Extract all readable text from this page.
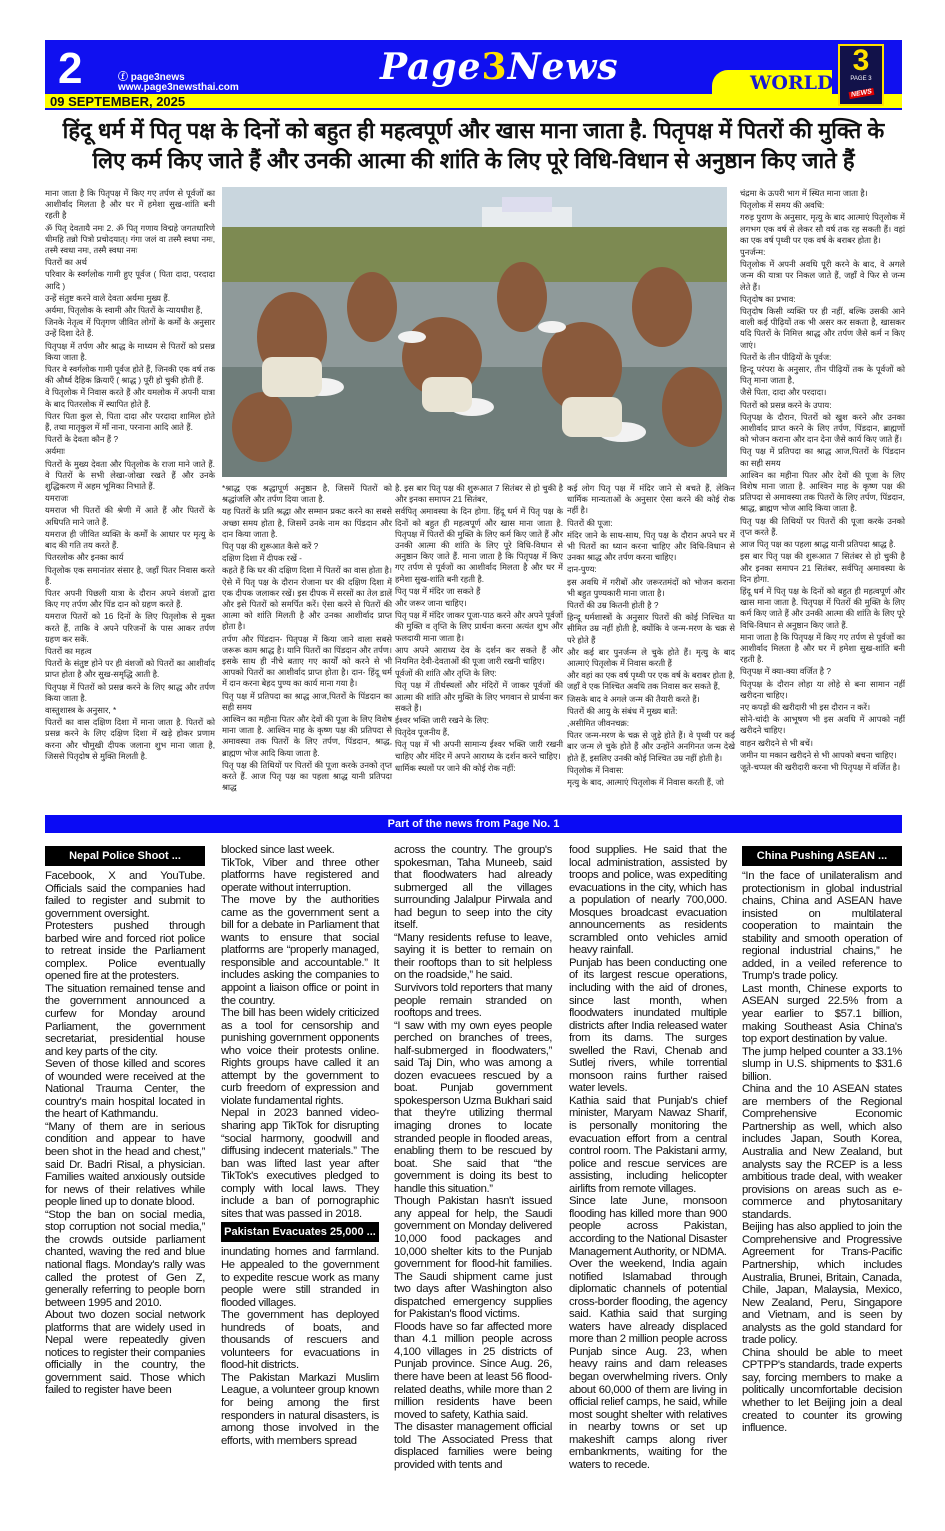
2	ⓕ page3news
www.page3newsthai.com
09 SEPTEMBER, 2025
Page3News	WORLD
3
PAGE 3
NEWS
हिंदू धर्म में पितृ पक्ष के दिनों को बहुत ही महत्वपूर्ण और खास माना जाता है. पितृपक्ष में पितरों की मुक्ति के लिए कर्म किए जाते हैं और उनकी आत्मा की शांति के लिए पूरे विधि-विधान से अनुष्ठान किए जाते हैं

माना जाता है कि पितृपक्ष में किए गए तर्पण से पूर्वजों का आशीर्वाद मिलता है और घर में हमेशा सुख-शांति बनी रहती है

ॐ पितृ देवतायै नमः 2. ॐ पितृ गणाय विद्महे जगतधारिणे धीमहि तन्नो पित्रो प्रचोदयात्। गंगा जलं वा तस्मै स्वधा नमः, तस्मै स्वधा नमः, तस्मै स्वधा नमः

पितरों का अर्थ

परिवार के स्वर्गलोक गामी हुए पूर्वज ( पिता दादा, परदादा आदि )

उन्हें संतुष्ट करने वाले देवता अर्यमा मुख्य हैं.

अर्यमा, पितृलोक के स्वामी और पितरों के न्यायधीश हैं,

जिनके नेतृत्व में पितृगण जीवित लोगों के कर्मों के अनुसार उन्हें दिशा देते हैं.

पितृपक्ष में तर्पण और श्राद्ध के माध्यम से पितरों को प्रसन्न किया जाता है.

पितर वे स्वर्गलोक गामी पूर्वज होते हैं, जिनकी एक वर्ष तक की और्ध्व दैहिक क्रियाएँ ( श्राद्ध ) पूरी हो चुकी होती हैं.

वे पितृलोक में निवास करते हैं और यमलोक में अपनी यात्रा के बाद पितरलोक में स्थापित होते हैं.

पितर पिता कुल से, पिता दादा और परदादा शामिल होते हैं, तथा मातृकुल में माँ नाना, परनाना आदि आते हैं.

पितरों के देवता कौन हैं ?

अर्यमाः

पितरों के मुख्य देवता और पितृलोक के राजा माने जाते हैं. वे पितरों के सभी लेखा-जोखा रखते हैं और उनके शुद्धिकरण में अहम भूमिका निभाते हैं.

यमराजः

यमराज भी पितरों की श्रेणी में आते हैं और पितरों के अधिपति माने जाते हैं.

यमराज ही जीवित व्यक्ति के कर्मों के आधार पर मृत्यु के बाद की गति तय करते हैं.

पितरलोक और इनका कार्य

पितृलोक एक समानांतर संसार है, जहाँ पितर निवास करते हैं.

पितर अपनी पिछली यात्रा के दौरान अपने वंशजों द्वारा किए गए तर्पण और पिंड दान को ग्रहण करते हैं.

यमराज पितरों को 16 दिनों के लिए पितृलोक से मुक्त करते हैं, ताकि वे अपने परिजनों के पास आकर तर्पण ग्रहण कर सकें.

पितरों का महत्व

पितरों के संतुष्ट होने पर ही वंशजों को पितरों का आशीर्वाद प्राप्त होता है और सुख-समृद्धि आती है.

पितृपक्ष में पितरों को प्रसन्न करने के लिए श्राद्ध और तर्पण किया जाता है.

वास्तुशास्त्र के अनुसार, *

पितरों का वास दक्षिण दिशा में माना जाता है. पितरों को प्रसन्न करने के लिए दक्षिण दिशा में खड़े होकर प्रणाम करना और चौमुखी दीपक जलाना शुभ माना जाता है, जिससे पितृदोष से मुक्ति मिलती है.

*श्राद्ध एक श्रद्धापूर्ण अनुष्ठान है, जिसमें पितरों को श्रद्धांजलि और तर्पण दिया जाता है.

यह पितरों के प्रति श्रद्धा और सम्मान प्रकट करने का सबसे अच्छा समय होता है, जिसमें उनके नाम का पिंडदान और दान किया जाता है.

पितृ पक्ष की शुरूआत कैसे करें ?

दक्षिण दिशा में दीपक रखें -

कहते हैं कि घर की दक्षिण दिशा में पितरों का वास होता है। ऐसे में पितृ पक्ष के दौरान रोजाना घर की दक्षिण दिशा में एक दीपक जलाकर रखें। इस दीपक में सरसों का तेल डालें और इसे पितरों को समर्पित करें। ऐसा करने से पितरों की आत्मा को शांति मिलती है और उनका आशीर्वाद प्राप्त होता है।

तर्पण और पिंडदान- पितृपक्ष में किया जाने वाला सबसे जरूरू काम श्राद्ध है। यानि पितरों का पिंडदान और तर्पण। इसके साथ ही नीचे बताए गए कार्यों को करने से भी आपको पितरों का आशीर्वाद प्राप्त होता है। दान- हिंदू धर्म में दान करना बेहद पुण्य का कार्य माना गया है।

पितृ पक्ष में प्रतिपदा का श्राद्ध आज,पितरों के पिंडदान का सही समय

आश्विन का महीना पितर और देवों की पूजा के लिए विशेष माना जाता है. आश्विन माह के कृष्ण पक्ष की प्रतिपदा से अमावस्या तक पितरों के लिए तर्पण, पिंडदान, श्राद्ध, ब्राह्मण भोज आदि किया जाता है.

पितृ पक्ष की तिथियों पर पितरों की पूजा करके उनको तृप्त करते हैं. आज पितृ पक्ष का पहला श्राद्ध यानी प्रतिपदा श्राद्ध

है. इस बार पितृ पक्ष की शुरूआत 7 सितंबर से हो चुकी है और इनका समापन 21 सितंबर,

सर्वपितृ अमावस्या के दिन होगा. हिंदू धर्म में पितृ पक्ष के दिनों को बहुत ही महत्वपूर्ण और खास माना जाता है. पितृपक्ष में पितरों की मुक्ति के लिए कर्म किए जाते हैं और उनकी आत्मा की शांति के लिए पूरे विधि-विधान से अनुष्ठान किए जाते हैं. माना जाता है कि पितृपक्ष में किए गए तर्पण से पूर्वजों का आशीर्वाद मिलता है और घर में हमेशा सुख-शांति बनी रहती है.

पितृ पक्ष में मंदिर जा सकते हैं

और जरूर जाना चाहिए।

पितृ पक्ष में मंदिर जाकर पूजा-पाठ करने और अपने पूर्वजों की मुक्ति व तृप्ति के लिए प्रार्थना करना अत्यंत शुभ और फलदायी माना जाता है।

आप अपने आराध्य देव के दर्शन कर सकते हैं और नियमित देवी-देवताओं की पूजा जारी रखनी चाहिए।

पूर्वजों की शांति और तृप्ति के लिए:

पितृ पक्ष में तीर्थस्थलों और मंदिरों में जाकर पूर्वजों की आत्मा की शांति और मुक्ति के लिए भगवान से प्रार्थना कर सकते हैं।

ईश्वर भक्ति जारी रखने के लिए:

पितृदेव पूजनीय हैं,

पितृ पक्ष में भी अपनी सामान्य ईश्वर भक्ति जारी रखनी चाहिए और मंदिर में अपने आराध्य के दर्शन करने चाहिए।

धार्मिक स्थलों पर जाने की कोई रोक नहीं:

कई लोग पितृ पक्ष में मंदिर जाने से बचते हैं, लेकिन धार्मिक मान्यताओं के अनुसार ऐसा करने की कोई रोक नहीं है।

पितरों की पूजा:

मंदिर जाने के साथ-साथ, पितृ पक्ष के दौरान अपने घर में भी पितरों का ध्यान करना चाहिए और विधि-विधान से उनका श्राद्ध और तर्पण करना चाहिए।

दान-पुण्य:

इस अवधि में गरीबों और जरूरतमंदों को भोजन कराना भी बहुत पुण्यकारी माना जाता है।

पितरों की उम्र कितनी होती है ?

हिन्दू धर्मशास्त्रों के अनुसार पितरों की कोई निश्चित या सीमित उम्र नहीं होती है, क्योंकि वे जन्म-मरण के चक्र से परे होते हैं

और कई बार पुनर्जन्म ले चुके होते हैं। मृत्यु के बाद आत्माएं पितृलोक में निवास करती हैं

और वहां का एक वर्ष पृथ्वी पर एक वर्ष के बराबर होता है, जहाँ वे एक निश्चित अवधि तक निवास कर सकते हैं,

जिसके बाद वे अगले जन्म की तैयारी करते हैं।

पितरों की आयु के संबंध में मुख्य बातें:

,असीमित जीवनचक्र:

पितर जन्म-मरण के चक्र से जुड़े होते हैं। वे पृथ्वी पर कई बार जन्म ले चुके होते हैं और उन्होंने अनगिनत जन्म देखे होते हैं, इसलिए उनकी कोई निश्चित उम्र नहीं होती है।

पितृलोक में निवास:

मृत्यु के बाद, आत्माएं पितृलोक में निवास करती हैं, जो

चंद्रमा के ऊपरी भाग में स्थित माना जाता है।

पितृलोक में समय की अवधि:

गरुड़ पुराण के अनुसार, मृत्यु के बाद आत्माएं पितृलोक में लगभग एक वर्ष से लेकर सौ वर्ष तक रह सकती हैं। वहां का एक वर्ष पृथ्वी पर एक वर्ष के बराबर होता है।

पुनर्जन्म:

पितृलोक में अपनी अवधि पूरी करने के बाद, वे अगले जन्म की यात्रा पर निकल जाते हैं, जहाँ वे फिर से जन्म लेते हैं।

पितृदोष का प्रभाव:

पितृदोष किसी व्यक्ति पर ही नहीं, बल्कि उसकी आने वाली कई पीढ़ियों तक भी असर कर सकता है, खासकर यदि पितरों के निमित्त श्राद्ध और तर्पण जैसे कर्म न किए जाएं।

पितरों के तीन पीढ़ियों के पूर्वज:

हिन्दू परंपरा के अनुसार, तीन पीढ़ियों तक के पूर्वजों को पितृ माना जाता है,

जैसे पिता, दादा और परदादा।

पितरों को प्रसन्न करने के उपाय:

पितृपक्ष के दौरान, पितरों को खुश करने और उनका आशीर्वाद प्राप्त करने के लिए तर्पण, पिंडदान, ब्राह्मणों को भोजन कराना और दान देना जैसे कार्य किए जाते हैं।

पितृ पक्ष में प्रतिपदा का श्राद्ध आज,पितरों के पिंडदान का सही समय

आश्विन का महीना पितर और देवों की पूजा के लिए विशेष माना जाता है. आश्विन माह के कृष्ण पक्ष की प्रतिपदा से अमावस्या तक पितरों के लिए तर्पण, पिंडदान, श्राद्ध, ब्राह्मण भोज आदि किया जाता है.

पितृ पक्ष की तिथियों पर पितरों की पूजा करके उनको तृप्त करते हैं.

आज पितृ पक्ष का पहला श्राद्ध यानी प्रतिपदा श्राद्ध है.

इस बार पितृ पक्ष की शुरूआत 7 सितंबर से हो चुकी है और इनका समापन 21 सितंबर, सर्वपितृ अमावस्या के दिन होगा.

हिंदू धर्म में पितृ पक्ष के दिनों को बहुत ही महत्वपूर्ण और खास माना जाता है. पितृपक्ष में पितरों की मुक्ति के लिए कर्म किए जाते हैं और उनकी आत्मा की शांति के लिए पूरे विधि-विधान से अनुष्ठान किए जाते हैं.

माना जाता है कि पितृपक्ष में किए गए तर्पण से पूर्वजों का आशीर्वाद मिलता है और घर में हमेशा सुख-शांति बनी रहती है.

पितृपक्ष में क्या-क्या वर्जित है ?

पितृपक्ष के दौरान लोहा या लोहे से बना सामान नहीं खरीदना चाहिए।

नए कपड़ों की खरीदारी भी इस दौरान न करें।

सोने-चांदी के आभूषण भी इस अवधि में आपको नहीं खरीदने चाहिए।

वाहन खरीदने से भी बचें।

जमीन या मकान खरीदने से भी आपको बचना चाहिए।

जूते-चप्पल की खरीदारी करना भी पितृपक्ष में वर्जित है।

Part of the news from Page No. 1
Nepal Police Shoot ...

Facebook, X and YouTube. Officials said the companies had failed to register and submit to government oversight.

Protesters pushed through barbed wire and forced riot police to retreat inside the Parliament complex. Police eventually opened fire at the protesters.

The situation remained tense and the government announced a curfew for Monday around Parliament, the government secretariat, presidential house and key parts of the city.

Seven of those killed and scores of wounded were received at the National Trauma Center, the country's main hospital located in the heart of Kathmandu.

“Many of them are in serious condition and appear to have been shot in the head and chest,” said Dr. Badri Risal, a physician. Families waited anxiously outside for news of their relatives while people lined up to donate blood.

“Stop the ban on social media, stop corruption not social media,” the crowds outside parliament chanted, waving the red and blue national flags. Monday's rally was called the protest of Gen Z, generally referring to people born between 1995 and 2010.

About two dozen social network platforms that are widely used in Nepal were repeatedly given notices to register their companies officially in the country, the government said. Those which failed to register have been

blocked since last week.

TikTok, Viber and three other platforms have registered and operate without interruption.

The move by the authorities came as the government sent a bill for a debate in Parliament that wants to ensure that social platforms are “properly managed, responsible and accountable.” It includes asking the companies to appoint a liaison office or point in the country.

The bill has been widely criticized as a tool for censorship and punishing government opponents who voice their protests online. Rights groups have called it an attempt by the government to curb freedom of expression and violate fundamental rights.

Nepal in 2023 banned video-sharing app TikTok for disrupting “social harmony, goodwill and diffusing indecent materials.” The ban was lifted last year after TikTok's executives pledged to comply with local laws. They include a ban of pornographic sites that was passed in 2018.

Pakistan Evacuates 25,000 ...

inundating homes and farmland. He appealed to the government to expedite rescue work as many people were still stranded in flooded villages.

The government has deployed hundreds of boats, and thousands of rescuers and volunteers for evacuations in flood-hit districts.

The Pakistan Markazi Muslim League, a volunteer group known for being among the first responders in natural disasters, is among those involved in the efforts, with members spread

across the country. The group's spokesman, Taha Muneeb, said that floodwaters had already submerged all the villages surrounding Jalalpur Pirwala and had begun to seep into the city itself.

“Many residents refuse to leave, saying it is better to remain on their rooftops than to sit helpless on the roadside,” he said.

Survivors told reporters that many people remain stranded on rooftops and trees.

“I saw with my own eyes people perched on branches of trees, half-submerged in floodwaters,” said Taj Din, who was among a dozen evacuees rescued by a boat. Punjab government spokesperson Uzma Bukhari said that they're utilizing thermal imaging drones to locate stranded people in flooded areas, enabling them to be rescued by boat. She said that “the government is doing its best to handle this situation.”

Though Pakistan hasn't issued any appeal for help, the Saudi government on Monday delivered 10,000 food packages and 10,000 shelter kits to the Punjab government for flood-hit families. The Saudi shipment came just two days after Washington also dispatched emergency supplies for Pakistan's flood victims.

Floods have so far affected more than 4.1 million people across 4,100 villages in 25 districts of Punjab province. Since Aug. 26, there have been at least 56 flood-related deaths, while more than 2 million residents have been moved to safety, Kathia said.

The disaster management official told The Associated Press that displaced families were being provided with tents and

food supplies. He said that the local administration, assisted by troops and police, was expediting evacuations in the city, which has a population of nearly 700,000. Mosques broadcast evacuation announcements as residents scrambled onto vehicles amid heavy rainfall.

Punjab has been conducting one of its largest rescue operations, including with the aid of drones, since last month, when floodwaters inundated multiple districts after India released water from its dams. The surges swelled the Ravi, Chenab and Sutlej rivers, while torrential monsoon rains further raised water levels.

Kathia said that Punjab's chief minister, Maryam Nawaz Sharif, is personally monitoring the evacuation effort from a central control room. The Pakistani army, police and rescue services are assisting, including helicopter airlifts from remote villages.

Since late June, monsoon flooding has killed more than 900 people across Pakistan, according to the National Disaster Management Authority, or NDMA.

Over the weekend, India again notified Islamabad through diplomatic channels of potential cross-border flooding, the agency said. Kathia said that surging waters have already displaced more than 2 million people across Punjab since Aug. 23, when heavy rains and dam releases began overwhelming rivers. Only about 60,000 of them are living in official relief camps, he said, while most sought shelter with relatives in nearby towns or set up makeshift camps along river embankments, waiting for the waters to recede.

China Pushing ASEAN ...

“In the face of unilateralism and protectionism in global industrial chains, China and ASEAN have insisted on multilateral cooperation to maintain the stability and smooth operation of regional industrial chains,” he added, in a veiled reference to Trump's trade policy.

Last month, Chinese exports to ASEAN surged 22.5% from a year earlier to $57.1 billion, making Southeast Asia China's top export destination by value.

The jump helped counter a 33.1% slump in U.S. shipments to $31.6 billion.

China and the 10 ASEAN states are members of the Regional Comprehensive Economic Partnership as well, which also includes Japan, South Korea, Australia and New Zealand, but analysts say the RCEP is a less ambitious trade deal, with weaker provisions on areas such as e-commerce and phytosanitary standards.

Beijing has also applied to join the Comprehensive and Progressive Agreement for Trans-Pacific Partnership, which includes Australia, Brunei, Britain, Canada, Chile, Japan, Malaysia, Mexico, New Zealand, Peru, Singapore and Vietnam, and is seen by analysts as the gold standard for trade policy.

China should be able to meet CPTPP's standards, trade experts say, forcing members to make a politically uncomfortable decision whether to let Beijing join a deal created to counter its growing influence.
